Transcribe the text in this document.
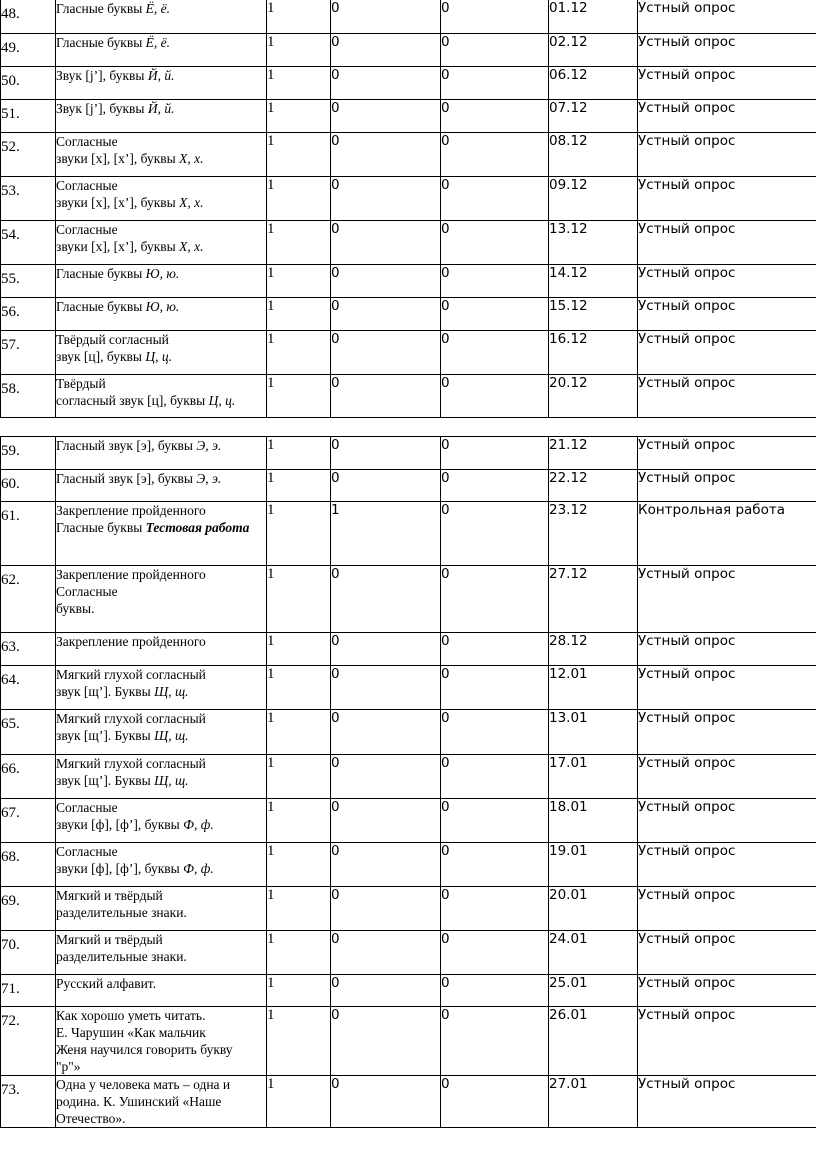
48.	Гласные буквы Ё, ё.	1	0	0	01.12	Устный опрос

49.	Гласные буквы Ё, ё.	1	0	0	02.12	Устный опрос

50.	Звук [j’], буквы Й, й.	1	0	0	06.12	Устный опрос

51.	Звук [j’], буквы Й, й.	1	0	0	07.12	Устный опрос

52.	Согласные
звуки [х], [х’], буквы Х, х.	1	0	0	08.12	Устный опрос

53.	Согласные
звуки [х], [х’], буквы Х, х.	1	0	0	09.12	Устный опрос

54.	Согласные
звуки [х], [х’], буквы Х, х.	1	0	0	13.12	Устный опрос

55.	Гласные буквы Ю, ю.	1	0	0	14.12	Устный опрос

56.	Гласные буквы Ю, ю.	1	0	0	15.12	Устный опрос

57.	Твёрдый согласный
звук [ц], буквы Ц, ц.	1	0	0	16.12	Устный опрос

58.	Твёрдый
согласный звук [ц], буквы Ц, ц.	1	0	0	20.12	Устный опрос
59.	Гласный звук [э], буквы Э, э.	1	0	0	21.12	Устный опрос

60.	Гласный звук [э], буквы Э, э.	1	0	0	22.12	Устный опрос

61.	Закрепление пройденного
Гласные буквы Тестовая работа	1	1	0	23.12	Контрольная работа

62.	Закрепление пройденного
Согласные
буквы.	1	0	0	27.12	Устный опрос

63.	Закрепление пройденного	1	0	0	28.12	Устный опрос

64.	Мягкий глухой согласный
звук [щ’]. Буквы Щ, щ.	1	0	0	12.01	Устный опрос

65.	Мягкий глухой согласный
звук [щ’]. Буквы Щ, щ.	1	0	0	13.01	Устный опрос

66.	Мягкий глухой согласный
звук [щ’]. Буквы Щ, щ.	1	0	0	17.01	Устный опрос

67.	Согласные
звуки [ф], [ф’], буквы Ф, ф.	1	0	0	18.01	Устный опрос

68.	Согласные
звуки [ф], [ф’], буквы Ф, ф.	1	0	0	19.01	Устный опрос

69.	Мягкий и твёрдый
разделительные знаки.	1	0	0	20.01	Устный опрос

70.	Мягкий и твёрдый
разделительные знаки.	1	0	0	24.01	Устный опрос

71.	Русский алфавит.	1	0	0	25.01	Устный опрос

72.	Как хорошо уметь читать.
Е. Чарушин «Как мальчик
Женя научился говорить букву
"р"»	1	0	0	26.01	Устный опрос

73.	Одна у человека мать – одна и
родина. К. Ушинский «Наше
Отечество».	1	0	0	27.01	Устный опрос
